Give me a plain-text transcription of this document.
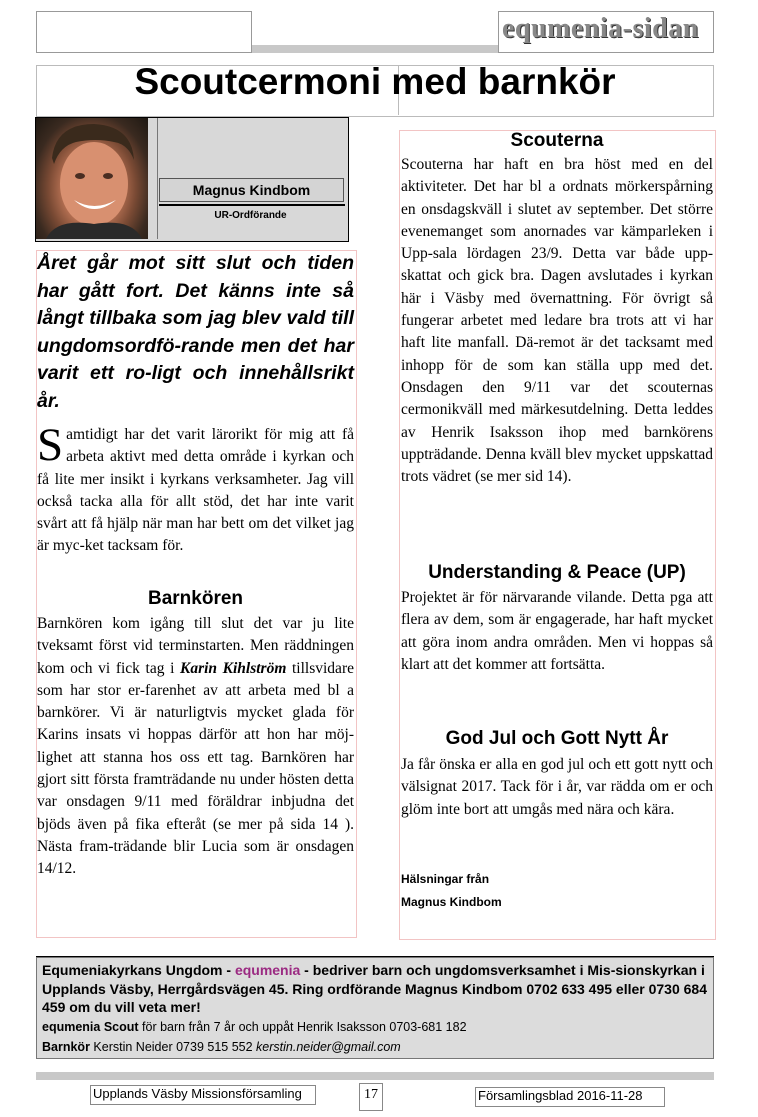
equmenia-sidan
Scoutcermoni med barnkör
Magnus Kindbom
UR-Ordförande
Året går mot sitt slut och tiden har gått fort. Det känns inte så långt tillbaka som jag blev vald till ungdomsordfö-rande men det har varit ett ro-ligt och innehållsrikt år.
Samtidigt har det varit lärorikt för mig att få arbeta aktivt med detta område i kyrkan och få lite mer insikt i kyrkans verksamheter. Jag vill också tacka alla för allt stöd, det har inte varit svårt att få hjälp när man har bett om det vilket jag är myc-ket tacksam för.
Barnkören
Barnkören kom igång till slut det var ju lite tveksamt först vid terminstarten. Men räddningen kom och vi fick tag i Karin Kihlström tillsvidare som har stor er-farenhet av att arbeta med bl a barnkörer. Vi är naturligtvis mycket glada för Karins insats vi hoppas därför att hon har möj-lighet att stanna hos oss ett tag. Barnkören har gjort sitt första framträdande nu under hösten detta var onsdagen 9/11 med föräldrar inbjudna det bjöds även på fika efteråt (se mer på sida 14 ). Nästa fram-trädande blir Lucia som är onsdagen 14/12.
Scouterna
Scouterna har haft en bra höst med en del aktiviteter. Det har bl a ordnats mörkerspårning en onsdagskväll i slutet av september. Det större evenemanget som anornades var kämparleken i Upp-sala lördagen 23/9. Detta var både upp-skattat och gick bra. Dagen avslutades i kyrkan här i Väsby med övernattning. För övrigt så fungerar arbetet med ledare bra trots att vi har haft lite manfall. Dä-remot är det tacksamt med inhopp för de som kan ställa upp med det. Onsdagen den 9/11 var det scouternas cermonikväll med märkesutdelning. Detta leddes av Henrik Isaksson ihop med barnkörens uppträdande. Denna kväll blev mycket uppskattad trots vädret (se mer sid 14).
Understanding & Peace (UP)
Projektet är för närvarande vilande. Detta pga att flera av dem, som är engagerade, har haft mycket att göra inom andra områden. Men vi hoppas så klart att det kommer att fortsätta.
God Jul och Gott Nytt År
Ja får önska er alla en god jul och ett gott nytt och välsignat 2017. Tack för i år, var rädda om er och glöm inte bort att umgås med nära och kära.
Hälsningar från
Magnus Kindbom
Equmeniakyrkans Ungdom - equmenia - bedriver barn och ungdomsverksamhet i Mis-sionskyrkan i Upplands Väsby, Herrgårdsvägen 45. Ring ordförande Magnus Kindbom 0702 633 495 eller 0730 684 459 om du vill veta mer!
equmenia Scout för barn från 7 år och uppåt Henrik Isaksson 0703-681 182
Barnkör Kerstin Neider 0739 515 552 kerstin.neider@gmail.com
Upplands Väsby Missionsförsamling	17	Församlingsblad 2016-11-28
